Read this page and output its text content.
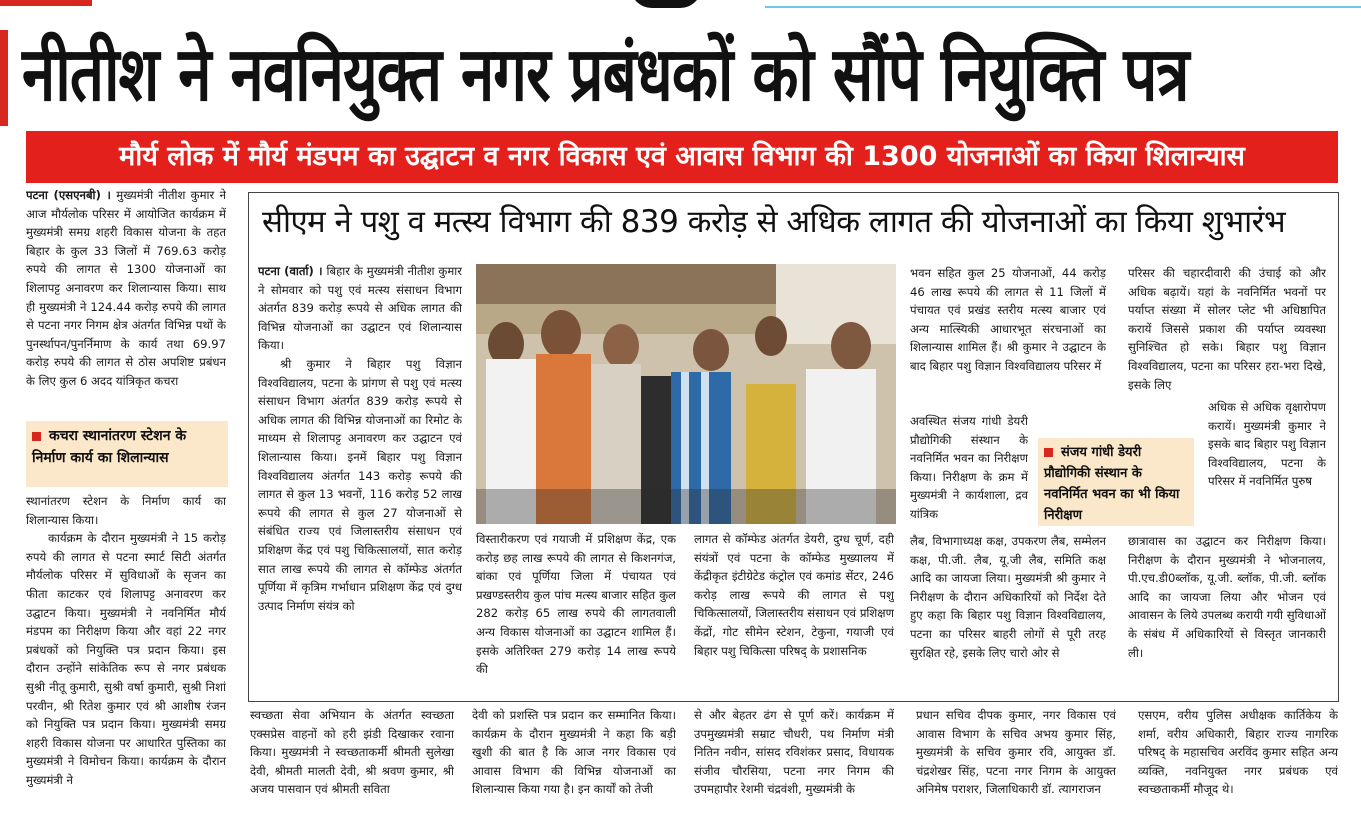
नीतीश ने नवनियुक्त नगर प्रबंधकों को सौंपे नियुक्ति पत्र
मौर्य लोक में मौर्य मंडपम का उद्घाटन व नगर विकास एवं आवास विभाग की 1300 योजनाओं का किया शिलान्यास

पटना (एसएनबी) । मुख्यमंत्री नीतीश कुमार ने आज मौर्यलोक परिसर में आयोजित कार्यक्रम में मुख्यमंत्री समग्र शहरी विकास योजना के तहत बिहार के कुल 33 जिलों में 769.63 करोड़ रुपये की लागत से 1300 योजनाओं का शिलापट्ट अनावरण कर शिलान्यास किया। साथ ही मुख्यमंत्री ने 124.44 करोड़ रुपये की लागत से पटना नगर निगम क्षेत्र अंतर्गत विभिन्न पथों के पुनर्स्थापन/पुनर्निमाण के कार्य तथा 69.97 करोड़ रुपये की लागत से ठोस अपशिष्ट प्रबंधन के लिए कुल 6 अदद यांत्रिकृत कचरा

कचरा स्थानांतरण स्टेशन के निर्माण कार्य का शिलान्यास

स्थानांतरण स्टेशन के निर्माण कार्य का शिलान्यास किया।

कार्यक्रम के दौरान मुख्यमंत्री ने 15 करोड़ रुपये की लागत से पटना स्मार्ट सिटी अंतर्गत मौर्यलोक परिसर में सुविधाओं के सृजन का फीता काटकर एवं शिलापट्ट अनावरण कर उद्घाटन किया। मुख्यमंत्री ने नवनिर्मित मौर्य मंडपम का निरीक्षण किया और वहां 22 नगर प्रबंधकों को नियुक्ति पत्र प्रदान किया। इस दौरान उन्होंने सांकेतिक रूप से नगर प्रबंधक सुश्री नीतू कुमारी, सुश्री वर्षा कुमारी, सुश्री निशां परवीन, श्री रितेश कुमार एवं श्री आशीष रंजन को नियुक्ति पत्र प्रदान किया। मुख्यमंत्री समग्र शहरी विकास योजना पर आधारित पुस्तिका का मुख्यमंत्री ने विमोचन किया। कार्यक्रम के दौरान मुख्यमंत्री ने

सीएम ने पशु व मत्स्य विभाग की 839 करोड़ से अधिक लागत की योजनाओं का किया शुभारंभ

पटना (वार्ता) । बिहार के मुख्यमंत्री नीतीश कुमार ने सोमवार को पशु एवं मत्स्य संसाधन विभाग अंतर्गत 839 करोड़ रूपये से अधिक लागत की विभिन्न योजनाओं का उद्घाटन एवं शिलान्यास किया।

श्री कुमार ने बिहार पशु विज्ञान विश्वविद्यालय, पटना के प्रांगण से पशु एवं मत्स्य संसाधन विभाग अंतर्गत 839 करोड़ रूपये से अधिक लागत की विभिन्न योजनाओं का रिमोट के माध्यम से शिलापट्ट अनावरण कर उद्घाटन एवं शिलान्यास किया। इनमें बिहार पशु विज्ञान विश्वविद्यालय अंतर्गत 143 करोड़ रूपये की लागत से कुल 13 भवनों, 116 करोड़ 52 लाख रूपये की लागत से कुल 27 योजनाओं से संबंधित राज्य एवं जिलास्तरीय संसाधन एवं प्रशिक्षण केंद्र एवं पशु चिकित्सालयों, सात करोड़ सात लाख रूपये की लागत से कॉम्फेड अंतर्गत पूर्णिया में कृत्रिम गर्भाधान प्रशिक्षण केंद्र एवं दुग्ध उत्पाद निर्माण संयंत्र को

विस्तारीकरण एवं गयाजी में प्रशिक्षण केंद्र, एक करोड़ छह लाख रूपये की लागत से किशनगंज, बांका एवं पूर्णिया जिला में पंचायत एवं प्रखण्डस्तरीय कुल पांच मत्स्य बाजार सहित कुल 282 करोड़ 65 लाख रुपये की लागतवाली अन्य विकास योजनाओं का उद्घाटन शामिल हैं। इसके अतिरिक्त 279 करोड़ 14 लाख रूपये की

लागत से कॉम्फेड अंतर्गत डेयरी, दुग्ध चूर्ण, दही संयंत्रों एवं पटना के कॉम्फेड मुख्यालय में केंद्रीकृत इंटीग्रेटेड कंट्रोल एवं कमांड सेंटर, 246 करोड़ लाख रूपये की लागत से पशु चिकित्सालयों, जिलास्तरीय संसाधन एवं प्रशिक्षण केंद्रों, गोट सीमेन स्टेशन, टेकुना, गयाजी एवं बिहार पशु चिकित्सा परिषद् के प्रशासनिक

भवन सहित कुल 25 योजनाओं, 44 करोड़ 46 लाख रूपये की लागत से 11 जिलों में पंचायत एवं प्रखंड स्तरीय मत्स्य बाजार एवं अन्य मात्स्यिकी आधारभूत संरचनाओं का शिलान्यास शामिल हैं। श्री कुमार ने उद्घाटन के बाद बिहार पशु विज्ञान विश्वविद्यालय परिसर में

अवस्थित संजय गांधी डेयरी प्रौद्योगिकी संस्थान के नवनिर्मित भवन का निरीक्षण किया। निरीक्षण के क्रम में मुख्यमंत्री ने कार्यशाला, द्रव यांत्रिक

संजय गांधी डेयरी प्रौद्योगिकी संस्थान के नवनिर्मित भवन का भी किया निरीक्षण

लैब, विभागाध्यक्ष कक्ष, उपकरण लैब, सम्मेलन कक्ष, पी.जी. लैब, यू.जी लैब, समिति कक्ष आदि का जायजा लिया। मुख्यमंत्री श्री कुमार ने निरीक्षण के दौरान अधिकारियों को निर्देश देते हुए कहा कि बिहार पशु विज्ञान विश्वविद्यालय, पटना का परिसर बाहरी लोगों से पूरी तरह सुरक्षित रहे, इसके लिए चारो ओर से

परिसर की चहारदीवारी की उंचाई को और अधिक बढ़ायें। यहां के नवनिर्मित भवनों पर पर्याप्त संख्या में सोलर प्लेट भी अधिष्ठापित करायें जिससे प्रकाश की पर्याप्त व्यवस्था सुनिश्चित हो सके। बिहार पशु विज्ञान विश्वविद्यालय, पटना का परिसर हरा-भरा दिखे, इसके लिए

अधिक से अधिक वृक्षारोपण करायें। मुख्यमंत्री कुमार ने इसके बाद बिहार पशु विज्ञान विश्वविद्यालय, पटना के परिसर में नवनिर्मित पुरुष

छात्रावास का उद्घाटन कर निरीक्षण किया। निरीक्षण के दौरान मुख्यमंत्री ने भोजनालय, पी.एच.डी0ब्लॉक, यू.जी. ब्लॉक, पी.जी. ब्लॉक आदि का जायजा लिया और भोजन एवं आवासन के लिये उपलब्ध करायी गयी सुविधाओं के संबंध में अधिकारियों से विस्तृत जानकारी ली।

स्वच्छता सेवा अभियान के अंतर्गत स्वच्छता एक्सप्रेस वाहनों को हरी झंडी दिखाकर रवाना किया। मुख्यमंत्री ने स्वच्छताकर्मी श्रीमती सुलेखा देवी, श्रीमती मालती देवी, श्री श्रवण कुमार, श्री अजय पासवान एवं श्रीमती सविता

देवी को प्रशस्ति पत्र प्रदान कर सम्मानित किया। कार्यक्रम के दौरान मुख्यमंत्री ने कहा कि बड़ी खुशी की बात है कि आज नगर विकास एवं आवास विभाग की विभिन्न योजनाओं का शिलान्यास किया गया है। इन कार्यों को तेजी

से और बेहतर ढंग से पूर्ण करें। कार्यक्रम में उपमुख्यमंत्री सम्राट चौधरी, पथ निर्माण मंत्री नितिन नवीन, सांसद रविशंकर प्रसाद, विधायक संजीव चौरसिया, पटना नगर निगम की उपमहापौर रेशमी चंद्रवंशी, मुख्यमंत्री के

प्रधान सचिव दीपक कुमार, नगर विकास एवं आवास विभाग के सचिव अभय कुमार सिंह, मुख्यमंत्री के सचिव कुमार रवि, आयुक्त डॉ. चंद्रशेखर सिंह, पटना नगर निगम के आयुक्त अनिमेष पराशर, जिलाधिकारी डॉ. त्यागराजन

एसएम, वरीय पुलिस अधीक्षक कार्तिकेय के शर्मा, वरीय अधिकारी, बिहार राज्य नागरिक परिषद् के महासचिव अरविंद कुमार सहित अन्य व्यक्ति, नवनियुक्त नगर प्रबंधक एवं स्वच्छताकर्मी मौजूद थे।
